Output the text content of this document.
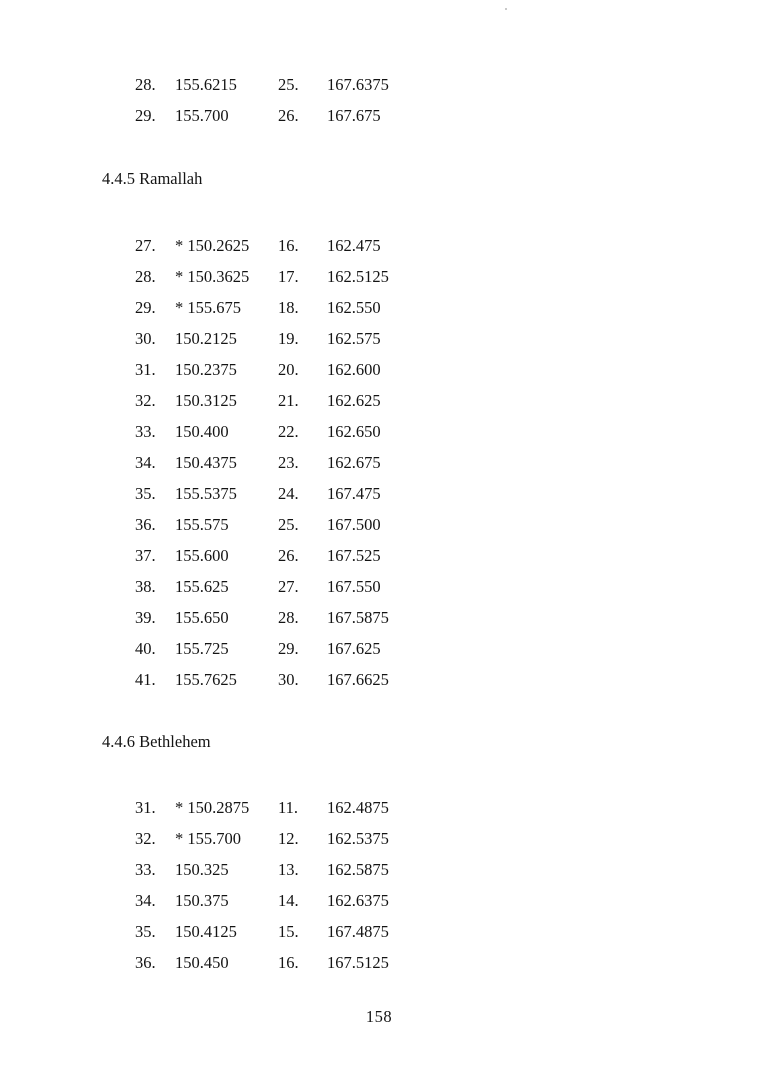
28.	155.6215	25.	167.6375
29.	155.700	26.	167.675
4.4.5 Ramallah
27.	* 150.2625	16.	162.475
28.	* 150.3625	17.	162.5125
29.	* 155.675	18.	162.550
30.	150.2125	19.	162.575
31.	150.2375	20.	162.600
32.	150.3125	21.	162.625
33.	150.400	22.	162.650
34.	150.4375	23.	162.675
35.	155.5375	24.	167.475
36.	155.575	25.	167.500
37.	155.600	26.	167.525
38.	155.625	27.	167.550
39.	155.650	28.	167.5875
40.	155.725	29.	167.625
41.	155.7625	30.	167.6625
4.4.6 Bethlehem
31.	* 150.2875	11.	162.4875
32.	* 155.700	12.	162.5375
33.	150.325	13.	162.5875
34.	150.375	14.	162.6375
35.	150.4125	15.	167.4875
36.	150.450	16.	167.5125
158
